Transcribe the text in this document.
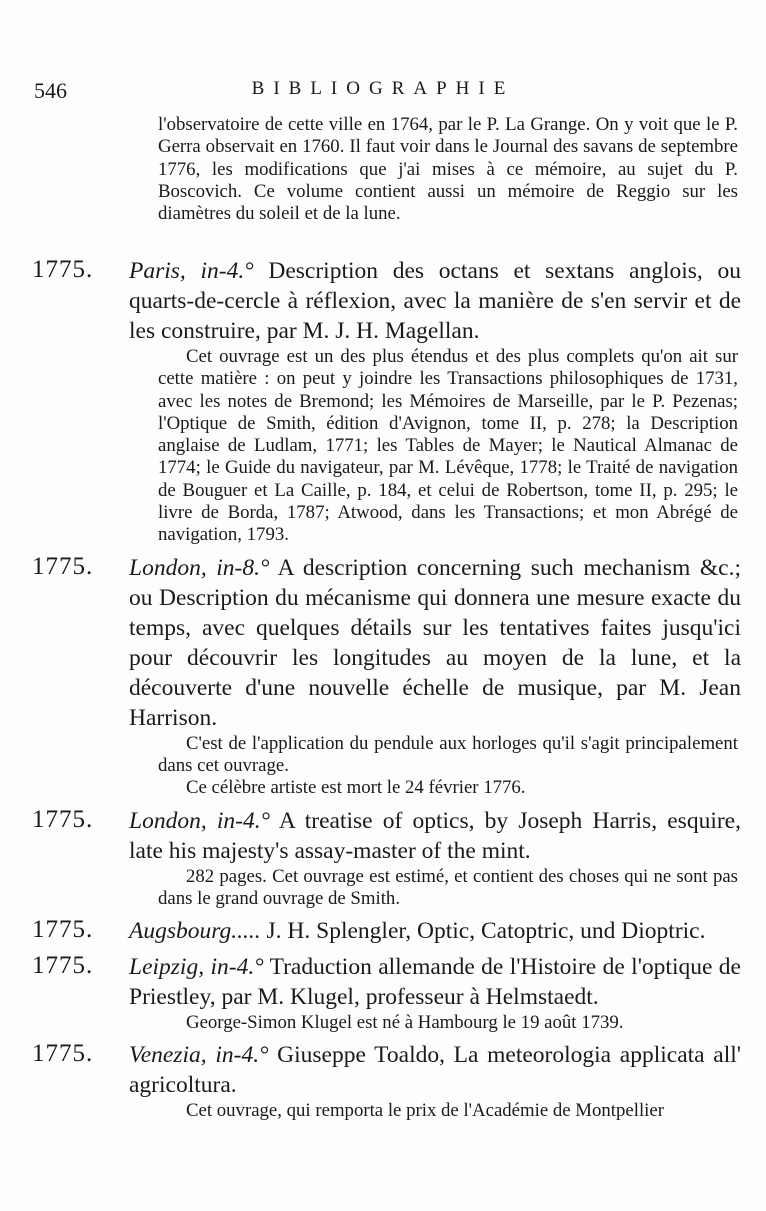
546	BIBLIOGRAPHIE
l'observatoire de cette ville en 1764, par le P. La Grange. On y voit que le P. Gerra observait en 1760. Il faut voir dans le Journal des savans de septembre 1776, les modifications que j'ai mises à ce mémoire, au sujet du P. Boscovich. Ce volume contient aussi un mémoire de Reggio sur les diamètres du soleil et de la lune.
1775. Paris, in-4.° Description des octans et sextans anglois, ou quarts-de-cercle à réflexion, avec la manière de s'en servir et de les construire, par M. J. H. Magellan.
Cet ouvrage est un des plus étendus et des plus complets qu'on ait sur cette matière : on peut y joindre les Transactions philosophiques de 1731, avec les notes de Bremond; les Mémoires de Marseille, par le P. Pezenas; l'Optique de Smith, édition d'Avignon, tome II, p. 278; la Description anglaise de Ludlam, 1771; les Tables de Mayer; le Nautical Almanac de 1774; le Guide du navigateur, par M. Lévêque, 1778; le Traité de navigation de Bouguer et La Caille, p. 184, et celui de Robertson, tome II, p. 295; le livre de Borda, 1787; Atwood, dans les Transactions; et mon Abrégé de navigation, 1793.
1775. London, in-8.° A description concerning such mechanism &c.; ou Description du mécanisme qui donnera une mesure exacte du temps, avec quelques détails sur les tentatives faites jusqu'ici pour découvrir les longitudes au moyen de la lune, et la découverte d'une nouvelle échelle de musique, par M. Jean Harrison.
C'est de l'application du pendule aux horloges qu'il s'agit principalement dans cet ouvrage.
Ce célèbre artiste est mort le 24 février 1776.
1775. London, in-4.° A treatise of optics, by Joseph Harris, esquire, late his majesty's assay-master of the mint.
282 pages. Cet ouvrage est estimé, et contient des choses qui ne sont pas dans le grand ouvrage de Smith.
1775. Augsbourg..... J. H. Splengler, Optic, Catoptric, und Dioptric.
1775. Leipzig, in-4.° Traduction allemande de l'Histoire de l'optique de Priestley, par M. Klugel, professeur à Helmstaedt.
George-Simon Klugel est né à Hambourg le 19 août 1739.
1775. Venezia, in-4.° Giuseppe Toaldo, La meteorologia applicata all' agricoltura.
Cet ouvrage, qui remporta le prix de l'Académie de Montpellier
